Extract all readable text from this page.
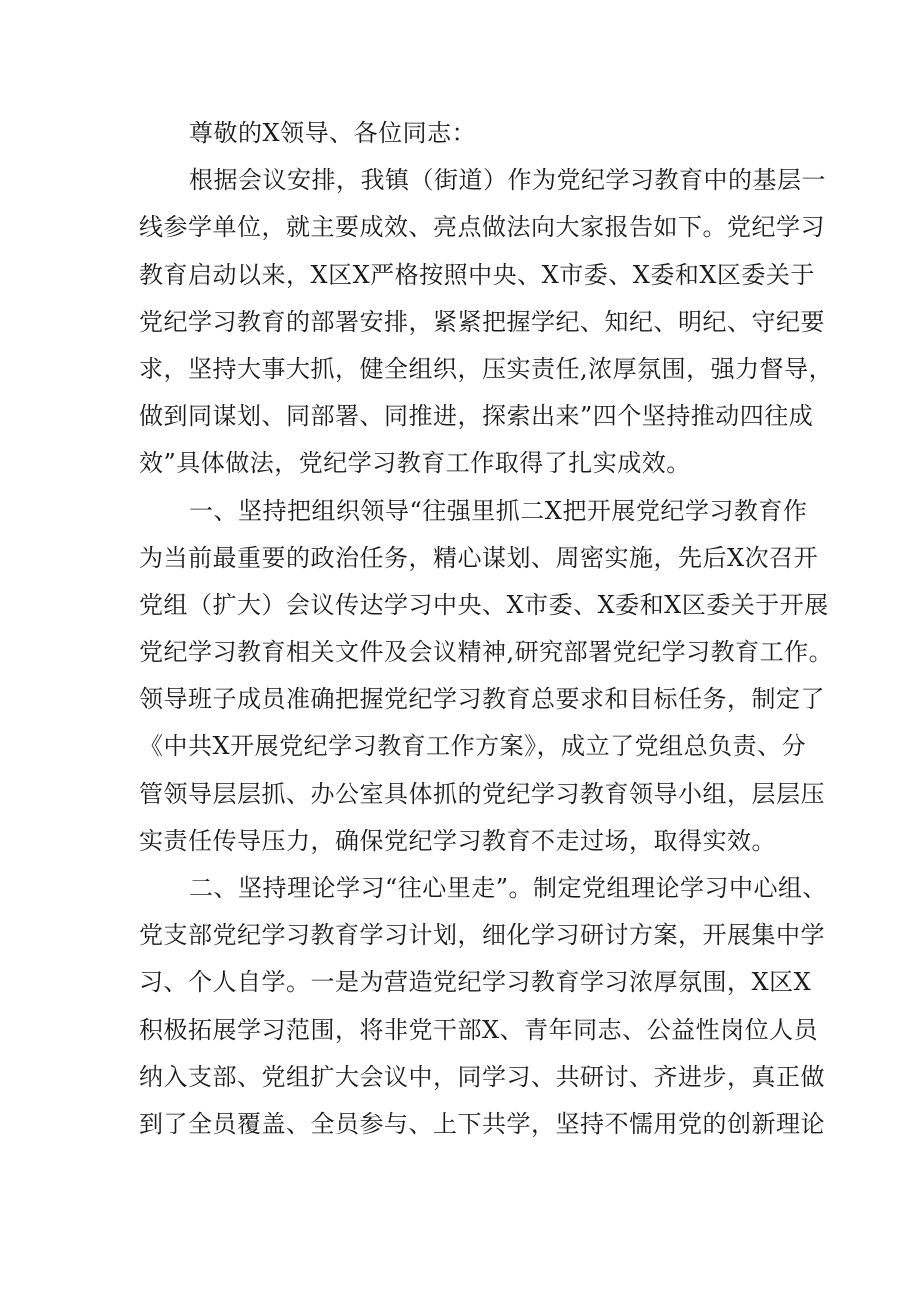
尊敬的X领导、各位同志：
根据会议安排，我镇（街道）作为党纪学习教育中的基层一
线参学单位，就主要成效、亮点做法向大家报告如下。党纪学习
教育启动以来，X区X严格按照中央、X市委、X委和X区委关于
党纪学习教育的部署安排，紧紧把握学纪、知纪、明纪、守纪要
求，坚持大事大抓，健全组织，压实责任,浓厚氛围，强力督导，
做到同谋划、同部署、同推进，探索出来”四个坚持推动四往成
效”具体做法，党纪学习教育工作取得了扎实成效。
一、坚持把组织领导“往强里抓二X把开展党纪学习教育作
为当前最重要的政治任务，精心谋划、周密实施，先后X次召开
党组（扩大）会议传达学习中央、X市委、X委和X区委关于开展
党纪学习教育相关文件及会议精神,研究部署党纪学习教育工作。
领导班子成员准确把握党纪学习教育总要求和目标任务，制定了
《中共X开展党纪学习教育工作方案》，成立了党组总负责、分
管领导层层抓、办公室具体抓的党纪学习教育领导小组，层层压
实责任传导压力，确保党纪学习教育不走过场，取得实效。
二、坚持理论学习“往心里走”。制定党组理论学习中心组、
党支部党纪学习教育学习计划，细化学习研讨方案，开展集中学
习、个人自学。一是为营造党纪学习教育学习浓厚氛围，X区X
积极拓展学习范围，将非党干部X、青年同志、公益性岗位人员
纳入支部、党组扩大会议中，同学习、共研讨、齐进步，真正做
到了全员覆盖、全员参与、上下共学，坚持不懦用党的创新理论
